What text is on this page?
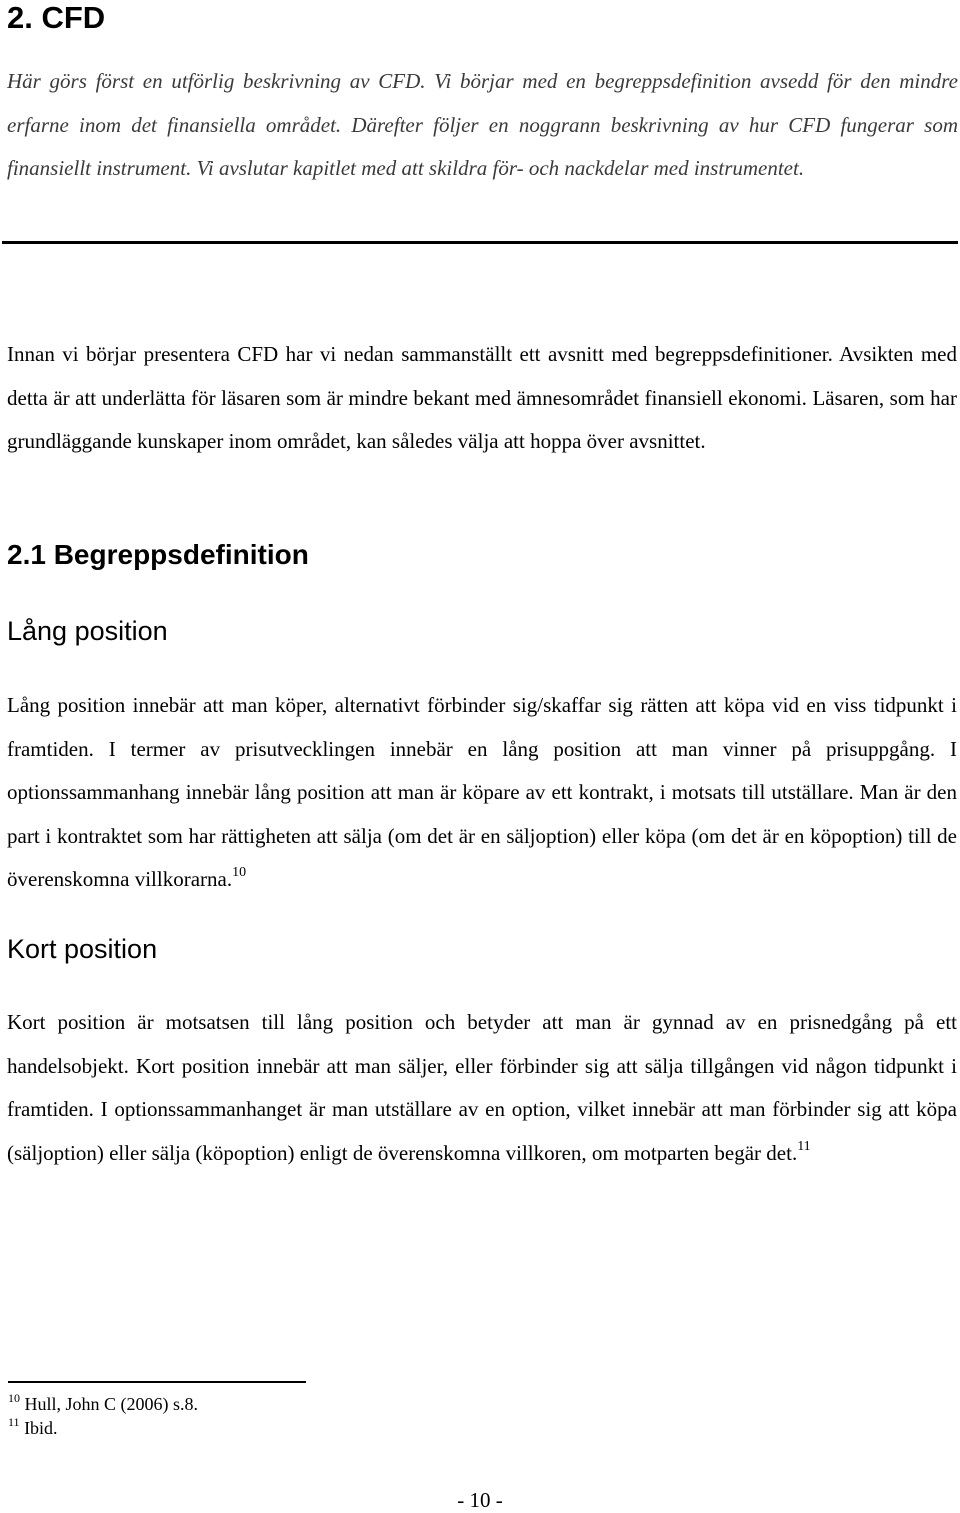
2. CFD

Här görs först en utförlig beskrivning av CFD. Vi börjar med en begreppsdefinition avsedd för den mindre erfarne inom det finansiella området. Därefter följer en noggrann beskrivning av hur CFD fungerar som finansiellt instrument. Vi avslutar kapitlet med att skildra för- och nackdelar med instrumentet.

Innan vi börjar presentera CFD har vi nedan sammanställt ett avsnitt med begreppsdefinitioner. Avsikten med detta är att underlätta för läsaren som är mindre bekant med ämnesområdet finansiell ekonomi. Läsaren, som har grundläggande kunskaper inom området, kan således välja att hoppa över avsnittet.

2.1 Begreppsdefinition
Lång position

Lång position innebär att man köper, alternativt förbinder sig/skaffar sig rätten att köpa vid en viss tidpunkt i framtiden. I termer av prisutvecklingen innebär en lång position att man vinner på prisuppgång. I optionssammanhang innebär lång position att man är köpare av ett kontrakt, i motsats till utställare. Man är den part i kontraktet som har rättigheten att sälja (om det är en säljoption) eller köpa (om det är en köpoption) till de överenskomna villkorarna.$^{10}$

Kort position

Kort position är motsatsen till lång position och betyder att man är gynnad av en prisnedgång på ett handelsobjekt. Kort position innebär att man säljer, eller förbinder sig att sälja tillgången vid någon tidpunkt i framtiden. I optionssammanhanget är man utställare av en option, vilket innebär att man förbinder sig att köpa (säljoption) eller sälja (köpoption) enligt de överenskomna villkoren, om motparten begär det.$^{11}$

$^{10}$ Hull, John C (2006) s.8.
$^{11}$ Ibid.
- 10 -
